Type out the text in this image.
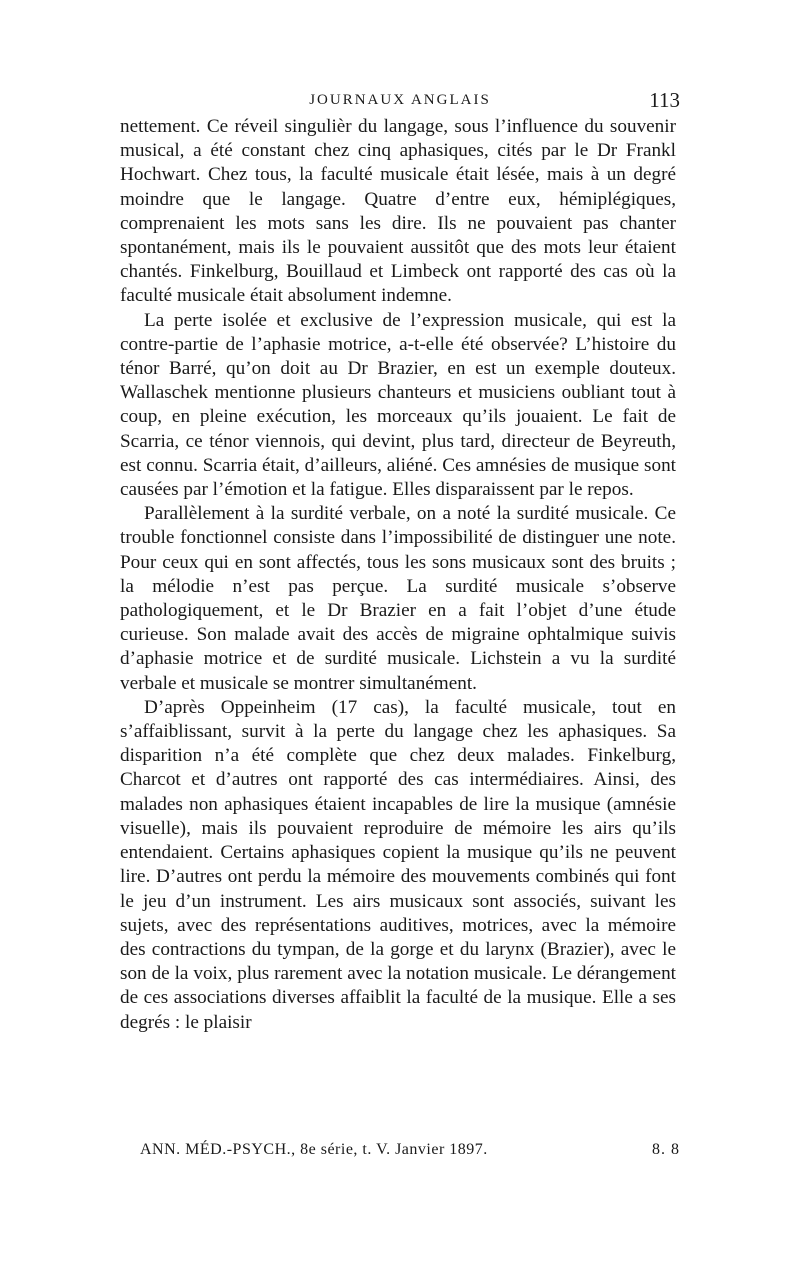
JOURNAUX ANGLAIS	113

nettement. Ce réveil singulièr du langage, sous l’influence du souvenir musical, a été constant chez cinq aphasiques, cités par le Dr Frankl Hochwart. Chez tous, la faculté musicale était lésée, mais à un degré moindre que le langage. Quatre d’entre eux, hémiplégiques, comprenaient les mots sans les dire. Ils ne pouvaient pas chanter spontanément, mais ils le pouvaient aussitôt que des mots leur étaient chantés. Finkelburg, Bouillaud et Limbeck ont rapporté des cas où la faculté musicale était absolument indemne.

La perte isolée et exclusive de l’expression musicale, qui est la contre-partie de l’aphasie motrice, a-t-elle été observée? L’histoire du ténor Barré, qu’on doit au Dr Brazier, en est un exemple douteux. Wallaschek mentionne plusieurs chanteurs et musiciens oubliant tout à coup, en pleine exécution, les morceaux qu’ils jouaient. Le fait de Scarria, ce ténor viennois, qui devint, plus tard, directeur de Beyreuth, est connu. Scarria était, d’ailleurs, aliéné. Ces amnésies de musique sont causées par l’émotion et la fatigue. Elles disparaissent par le repos.

Parallèlement à la surdité verbale, on a noté la surdité musicale. Ce trouble fonctionnel consiste dans l’impossibilité de distinguer une note. Pour ceux qui en sont affectés, tous les sons musicaux sont des bruits ; la mélodie n’est pas perçue. La surdité musicale s’observe pathologiquement, et le Dr Brazier en a fait l’objet d’une étude curieuse. Son malade avait des accès de migraine ophtalmique suivis d’aphasie motrice et de surdité musicale. Lichstein a vu la surdité verbale et musicale se montrer simultanément.

D’après Oppeinheim (17 cas), la faculté musicale, tout en s’affaiblissant, survit à la perte du langage chez les aphasiques. Sa disparition n’a été complète que chez deux malades. Finkelburg, Charcot et d’autres ont rapporté des cas intermédiaires. Ainsi, des malades non aphasiques étaient incapables de lire la musique (amnésie visuelle), mais ils pouvaient reproduire de mémoire les airs qu’ils entendaient. Certains aphasiques copient la musique qu’ils ne peuvent lire. D’autres ont perdu la mémoire des mouvements combinés qui font le jeu d’un instrument. Les airs musicaux sont associés, suivant les sujets, avec des représentations auditives, motrices, avec la mémoire des contractions du tympan, de la gorge et du larynx (Brazier), avec le son de la voix, plus rarement avec la notation musicale. Le dérangement de ces associations diverses affaiblit la faculté de la musique. Elle a ses degrés : le plaisir

ANN. MÉD.-PSYCH., 8e série, t. V. Janvier 1897.	8. 8
